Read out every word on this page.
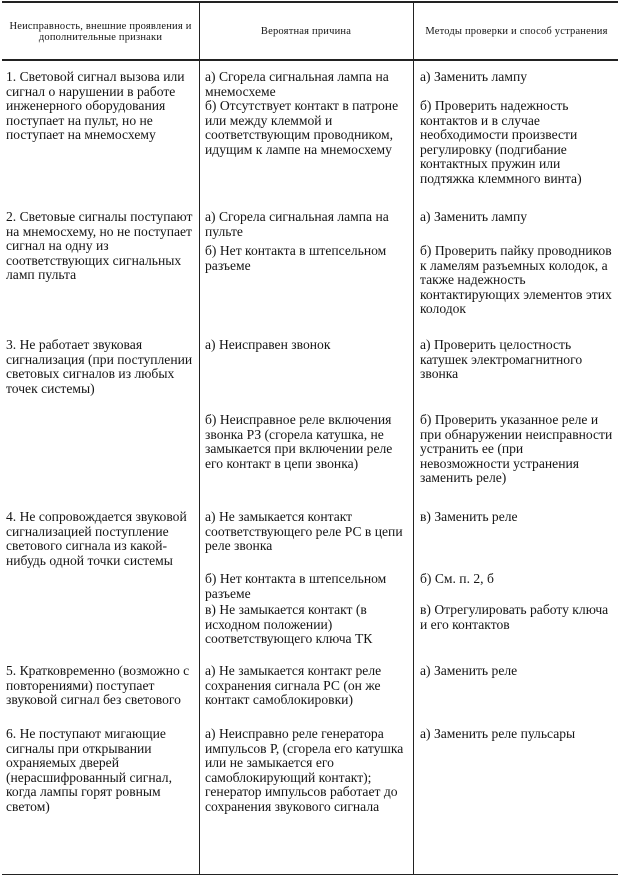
Неисправность, внешние проявления и дополнительные признаки
Вероятная причина	Методы проверки и способ устранения
1. Световой сигнал вызова или сигнал о нарушении в работе инженерного оборудования поступает на пульт, но не поступает на мнемосхему
а) Сгорела сигнальная лампа на мнемосхеме
б) Отсутствует контакт в патроне или между клеммой и соответствующим проводником, идущим к лампе на мнемосхему
а) Заменить лампу
б) Проверить надежность контактов и в случае необходимости произвести регулировку (подгибание контактных пружин или подтяжка клеммного винта)
2. Световые сигналы поступают на мнемосхему, но не поступает сигнал на одну из соответствующих сигнальных ламп пульта
а) Сгорела сигнальная лампа на пульте
б) Нет контакта в штепсельном разъеме
а) Заменить лампу
б) Проверить пайку проводников к ламелям разъемных колодок, а также надежность контактирующих элементов этих колодок
3. Не работает звуковая сигнализация (при поступлении световых сигналов из любых точек системы)
а) Неисправен звонок
б) Неисправное реле включения звонка РЗ (сгорела катушка, не замыкается при включении реле его контакт в цепи звонка)
а) Проверить целостность катушек электромагнитного звонка
б) Проверить указанное реле и при обнаружении неисправности устранить ее (при невозможности устранения заменить реле)
4. Не сопровождается звуковой сигнализацией поступление светового сигнала из какой-нибудь одной точки системы
а) Не замыкается контакт соответствующего реле РС в цепи реле звонка
б) Нет контакта в штепсельном разъеме
в) Не замыкается контакт (в исходном положении) соответствующего ключа ТК
в) Заменить реле
б) См. п. 2, б
в) Отрегулировать работу ключа и его контактов
5. Кратковременно (возможно с повторениями) поступает звуковой сигнал без светового
а) Не замыкается контакт реле сохранения сигнала РС (он же контакт самоблокировки)
а) Заменить реле
6. Не поступают мигающие сигналы при открывании охраняемых дверей (нерасшифрованный сигнал, когда лампы горят ровным светом)
а) Неисправно реле генератора импульсов Р, (сгорела его катушка или не замыкается его самоблокирующий контакт); генератор импульсов работает до сохранения звукового сигнала
а) Заменить реле пульсары
